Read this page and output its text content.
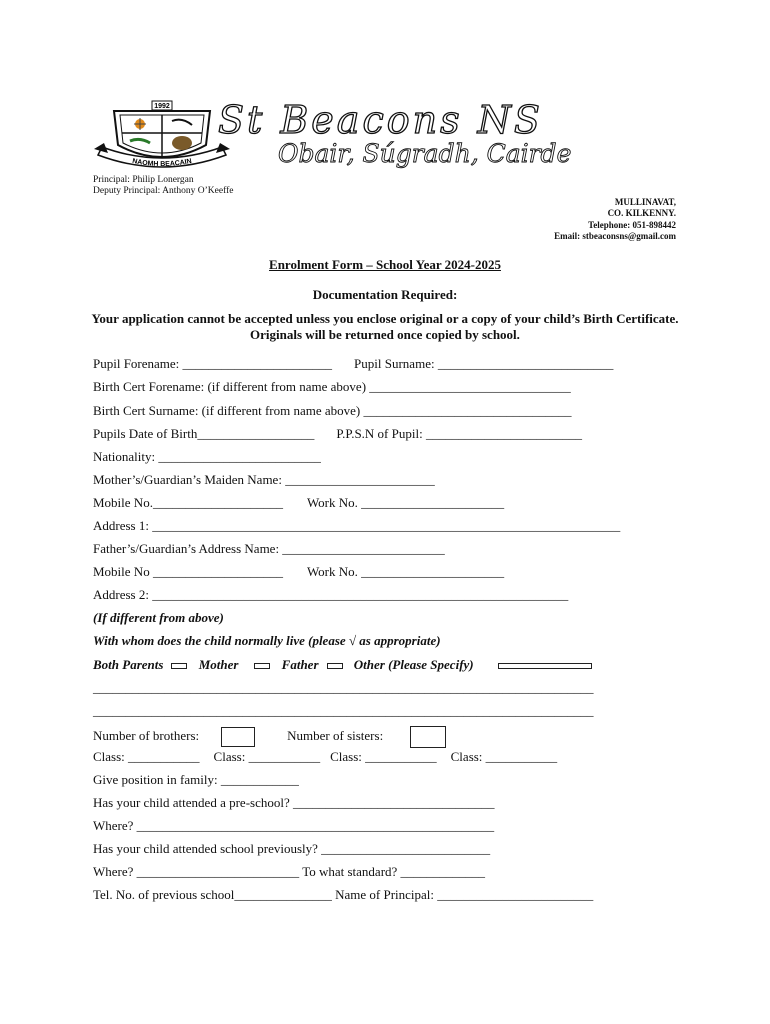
1992
NAOMH BEACAIN
St Beacons NS
Obair, Súgradh, Cairde
Principal: Philip Lonergan
Deputy Principal: Anthony O’Keeffe
MULLINAVAT,
CO. KILKENNY.
Telephone: 051-898442
Email: stbeaconsns@gmail.com
Enrolment Form – School Year 2024-2025
Documentation Required:
Your application cannot be accepted unless you enclose original or a copy of your child’s Birth Certificate. Originals will be returned once copied by school.
Pupil Forename: _______________________ Pupil Surname: ___________________________
Birth Cert Forename: (if different from name above) _______________________________
Birth Cert Surname: (if different from name above) ________________________________
Pupils Date of Birth__________________ P.P.S.N of Pupil: ________________________
Nationality: _________________________
Mother’s/Guardian’s Maiden Name: _______________________
Mobile No.____________________ Work No. ______________________
Address 1: ________________________________________________________________________
Father’s/Guardian’s Address Name: _________________________
Mobile No ____________________ Work No. ______________________
Address 2: ________________________________________________________________
(If different from above)
With whom does the child normally live (please √ as appropriate)
Both Parents	Mother	Father	Other (Please Specify)
_____________________________________________________________________________
_____________________________________________________________________________
Number of brothers:	Number of sisters:
Class: ___________ Class: ___________ Class: ___________ Class: ___________
Give position in family: ____________
Has your child attended a pre-school? _______________________________
Where? _______________________________________________________
Has your child attended school previously? __________________________
Where? _________________________ To what standard? _____________
Tel. No. of previous school_______________ Name of Principal: ________________________
